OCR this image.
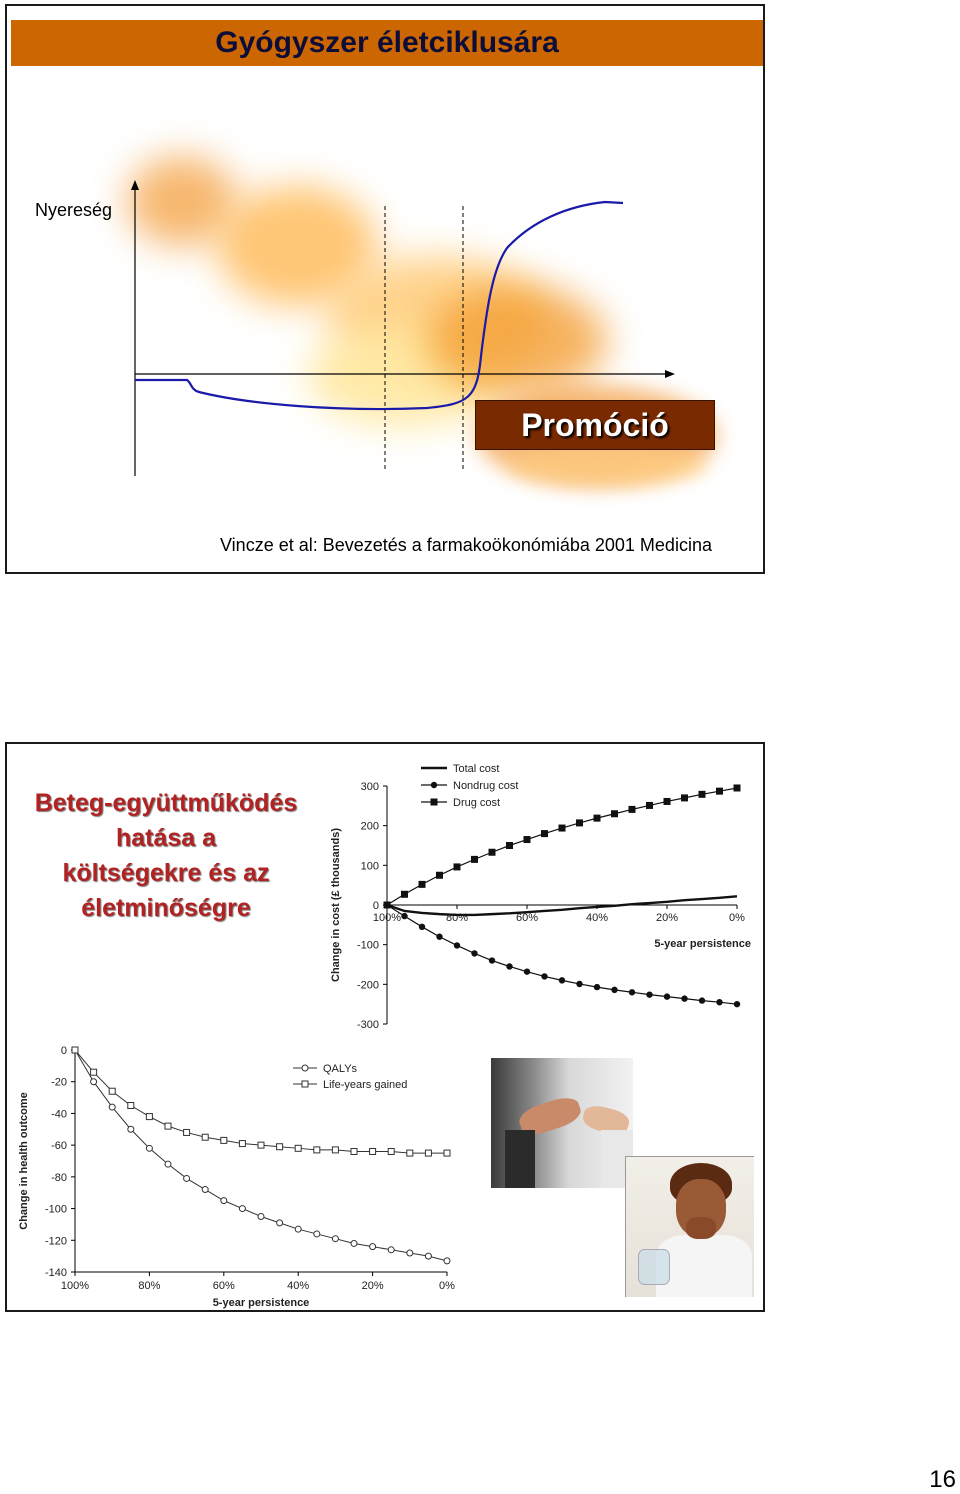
Gyógyszer életciklusára
Nyereség
Promóció
Vincze et al: Bevezetés a farmakoökonómiába 2001 Medicina
Beteg-együttműködés
hatása a
költségekre és az
életminőségre
300
200
100
0
-100
-200
-300
100%	80%	60%	40%	20%	0%
5-year persistence
Change in cost (£ thousands)
Total cost
Nondrug cost
Drug cost
0
-20
-40
-60
-80
-100
-120
-140
100%	80%	60%	40%	20%	0%
5-year persistence
Change in health outcome
QALYs
Life-years gained
16
